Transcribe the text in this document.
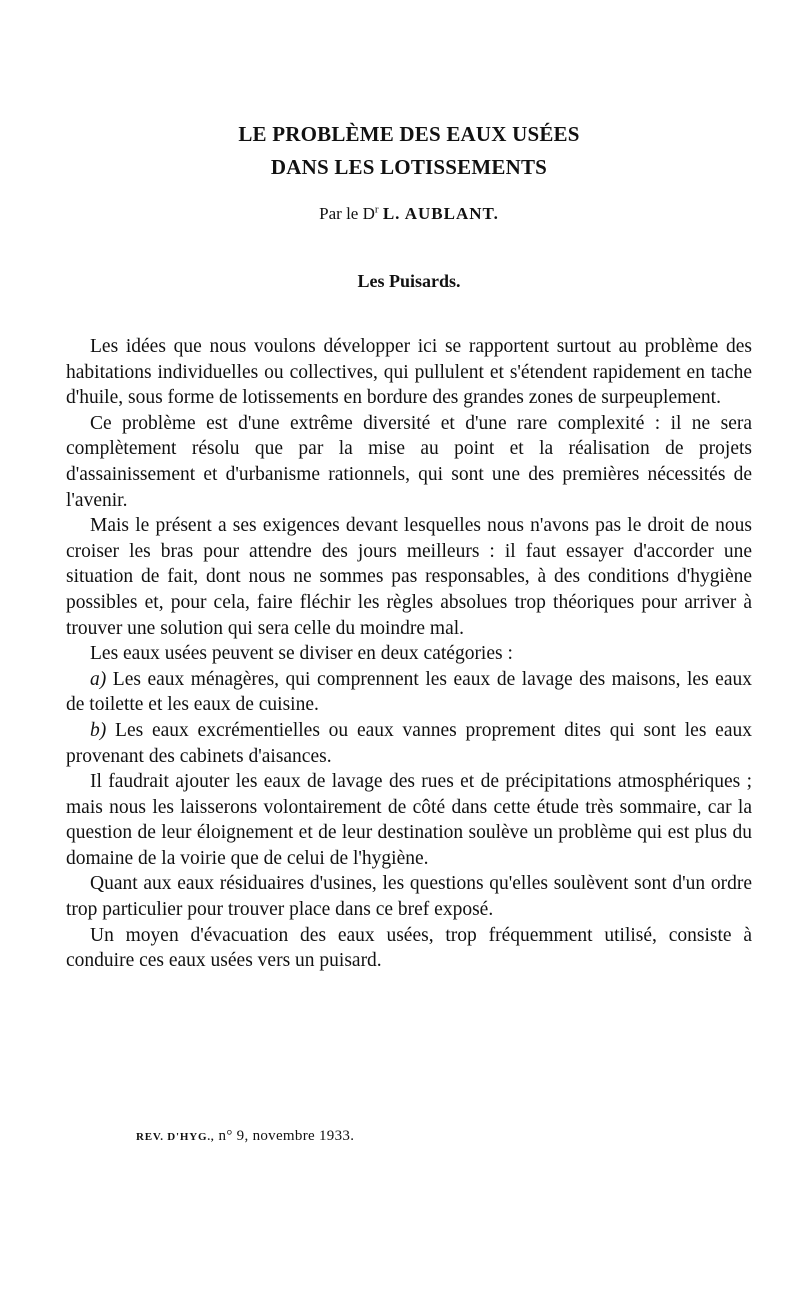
LE PROBLÈME DES EAUX USÉES
DANS LES LOTISSEMENTS
Par le $D^r$ L. AUBLANT.
Les Puisards.

Les idées que nous voulons développer ici se rapportent surtout au problème des habitations individuelles ou collectives, qui pullulent et s'étendent rapidement en tache d'huile, sous forme de lotissements en bordure des grandes zones de surpeuplement.

Ce problème est d'une extrême diversité et d'une rare complexité : il ne sera complètement résolu que par la mise au point et la réalisation de projets d'assainissement et d'urbanisme rationnels, qui sont une des premières nécessités de l'avenir.

Mais le présent a ses exigences devant lesquelles nous n'avons pas le droit de nous croiser les bras pour attendre des jours meilleurs : il faut essayer d'accorder une situation de fait, dont nous ne sommes pas responsables, à des conditions d'hygiène possibles et, pour cela, faire fléchir les règles absolues trop théoriques pour arriver à trouver une solution qui sera celle du moindre mal.

Les eaux usées peuvent se diviser en deux catégories :

a) Les eaux ménagères, qui comprennent les eaux de lavage des maisons, les eaux de toilette et les eaux de cuisine.

b) Les eaux excrémentielles ou eaux vannes proprement dites qui sont les eaux provenant des cabinets d'aisances.

Il faudrait ajouter les eaux de lavage des rues et de précipitations atmosphériques ; mais nous les laisserons volontairement de côté dans cette étude très sommaire, car la question de leur éloignement et de leur destination soulève un problème qui est plus du domaine de la voirie que de celui de l'hygiène.

Quant aux eaux résiduaires d'usines, les questions qu'elles soulèvent sont d'un ordre trop particulier pour trouver place dans ce bref exposé.

Un moyen d'évacuation des eaux usées, trop fréquemment utilisé, consiste à conduire ces eaux usées vers un puisard.

REV. D'HYG., n° 9, novembre 1933.
